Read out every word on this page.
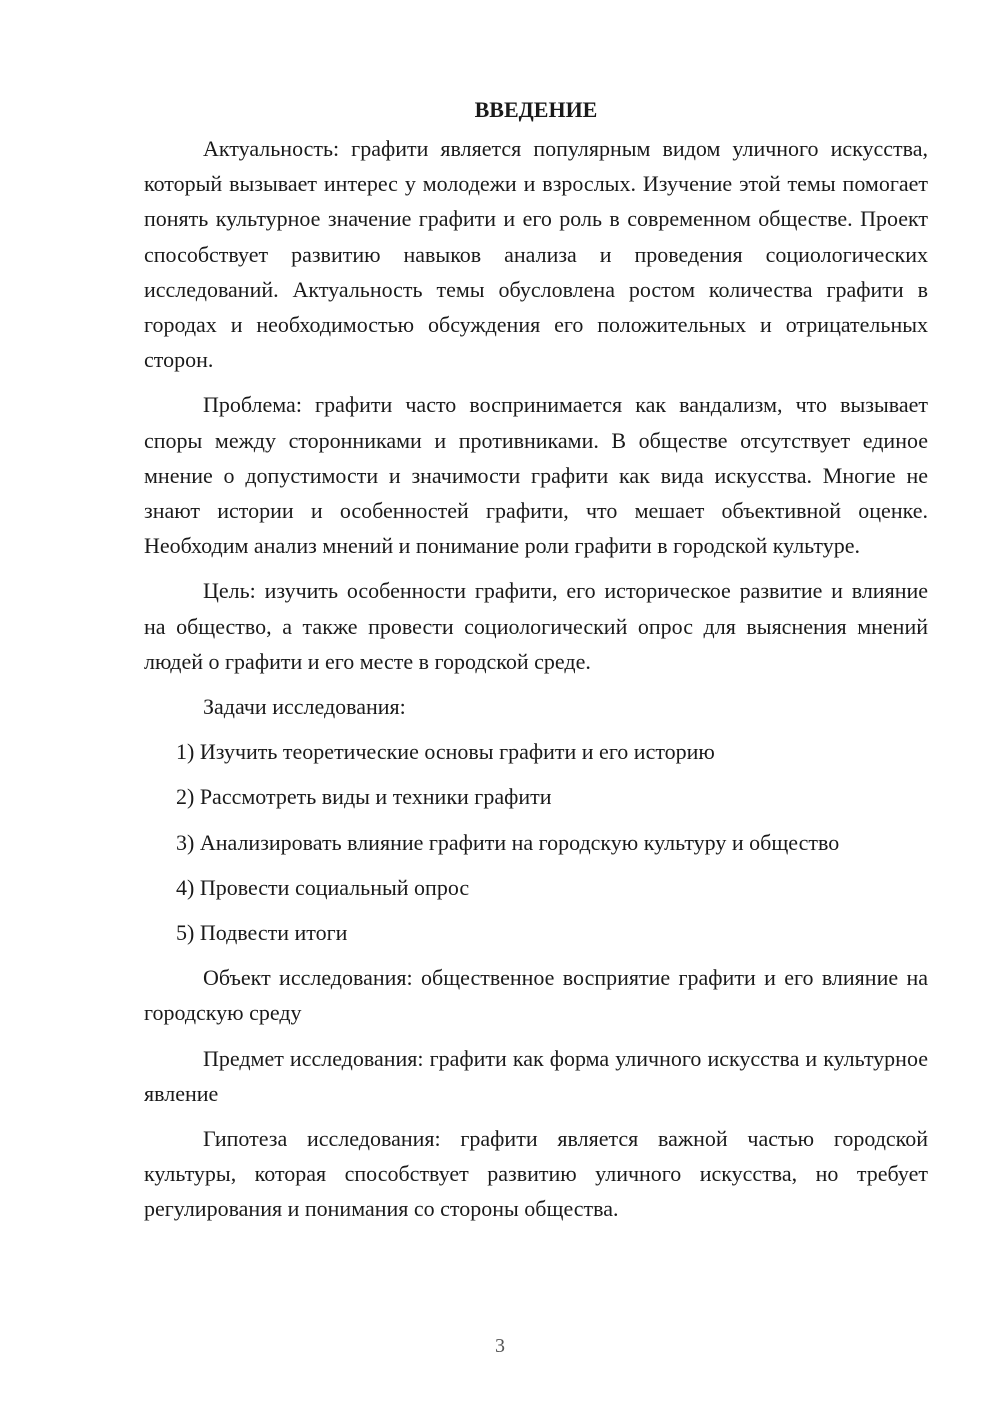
ВВЕДЕНИЕ

Актуальность: графити является популярным видом уличного искусства, который вызывает интерес у молодежи и взрослых. Изучение этой темы помогает понять культурное значение графити и его роль в современном обществе. Проект способствует развитию навыков анализа и проведения социологических исследований. Актуальность темы обусловлена ростом количества графити в городах и необходимостью обсуждения его положительных и отрицательных сторон.

Проблема: графити часто воспринимается как вандализм, что вызывает споры между сторонниками и противниками. В обществе отсутствует единое мнение о допустимости и значимости графити как вида искусства. Многие не знают истории и особенностей графити, что мешает объективной оценке. Необходим анализ мнений и понимание роли графити в городской культуре.

Цель: изучить особенности графити, его историческое развитие и влияние на общество, а также провести социологический опрос для выяснения мнений людей о графити и его месте в городской среде.

Задачи исследования:

1) Изучить теоретические основы графити и его историю
2) Рассмотреть виды и техники графити
3) Анализировать влияние графити на городскую культуру и общество
4) Провести социальный опрос
5) Подвести итоги

Объект исследования: общественное восприятие графити и его влияние на городскую среду

Предмет исследования: графити как форма уличного искусства и культурное явление

Гипотеза исследования: графити является важной частью городской культуры, которая способствует развитию уличного искусства, но требует регулирования и понимания со стороны общества.

3
